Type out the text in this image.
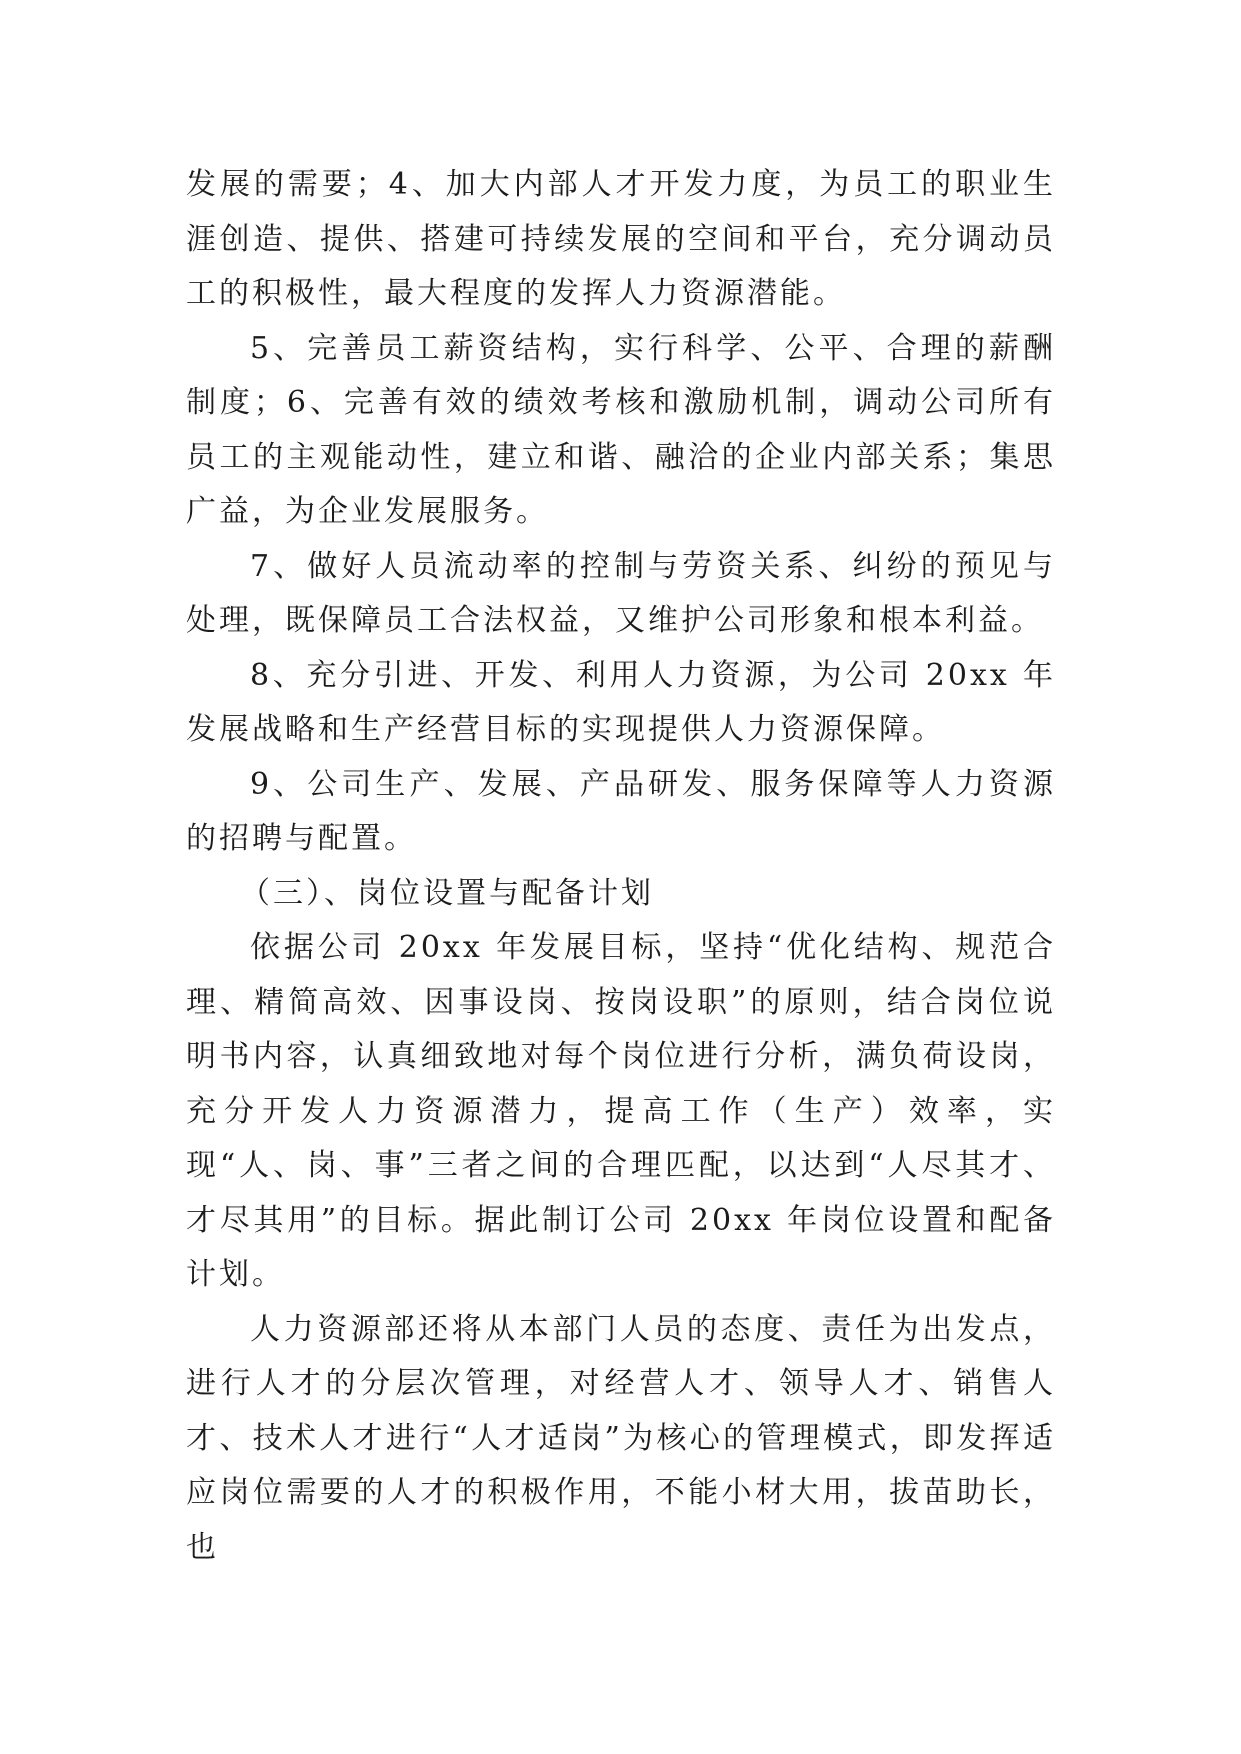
发展的需要；4、加大内部人才开发力度，为员工的职业生涯创造、提供、搭建可持续发展的空间和平台，充分调动员工的积极性，最大程度的发挥人力资源潜能。

5、完善员工薪资结构，实行科学、公平、合理的薪酬制度；6、完善有效的绩效考核和激励机制，调动公司所有员工的主观能动性，建立和谐、融洽的企业内部关系；集思广益，为企业发展服务。

7、做好人员流动率的控制与劳资关系、纠纷的预见与处理，既保障员工合法权益，又维护公司形象和根本利益。

8、充分引进、开发、利用人力资源，为公司 20xx 年发展战略和生产经营目标的实现提供人力资源保障。

9、公司生产、发展、产品研发、服务保障等人力资源的招聘与配置。

（三）、岗位设置与配备计划

依据公司 20xx 年发展目标，坚持“优化结构、规范合理、精简高效、因事设岗、按岗设职”的原则，结合岗位说明书内容，认真细致地对每个岗位进行分析，满负荷设岗，充分开发人力资源潜力，提高工作（生产）效率，实现“人、岗、事”三者之间的合理匹配，以达到“人尽其才、才尽其用”的目标。据此制订公司 20xx 年岗位设置和配备计划。

人力资源部还将从本部门人员的态度、责任为出发点，进行人才的分层次管理，对经营人才、领导人才、销售人才、技术人才进行“人才适岗”为核心的管理模式，即发挥适应岗位需要的人才的积极作用，不能小材大用，拔苗助长，也
